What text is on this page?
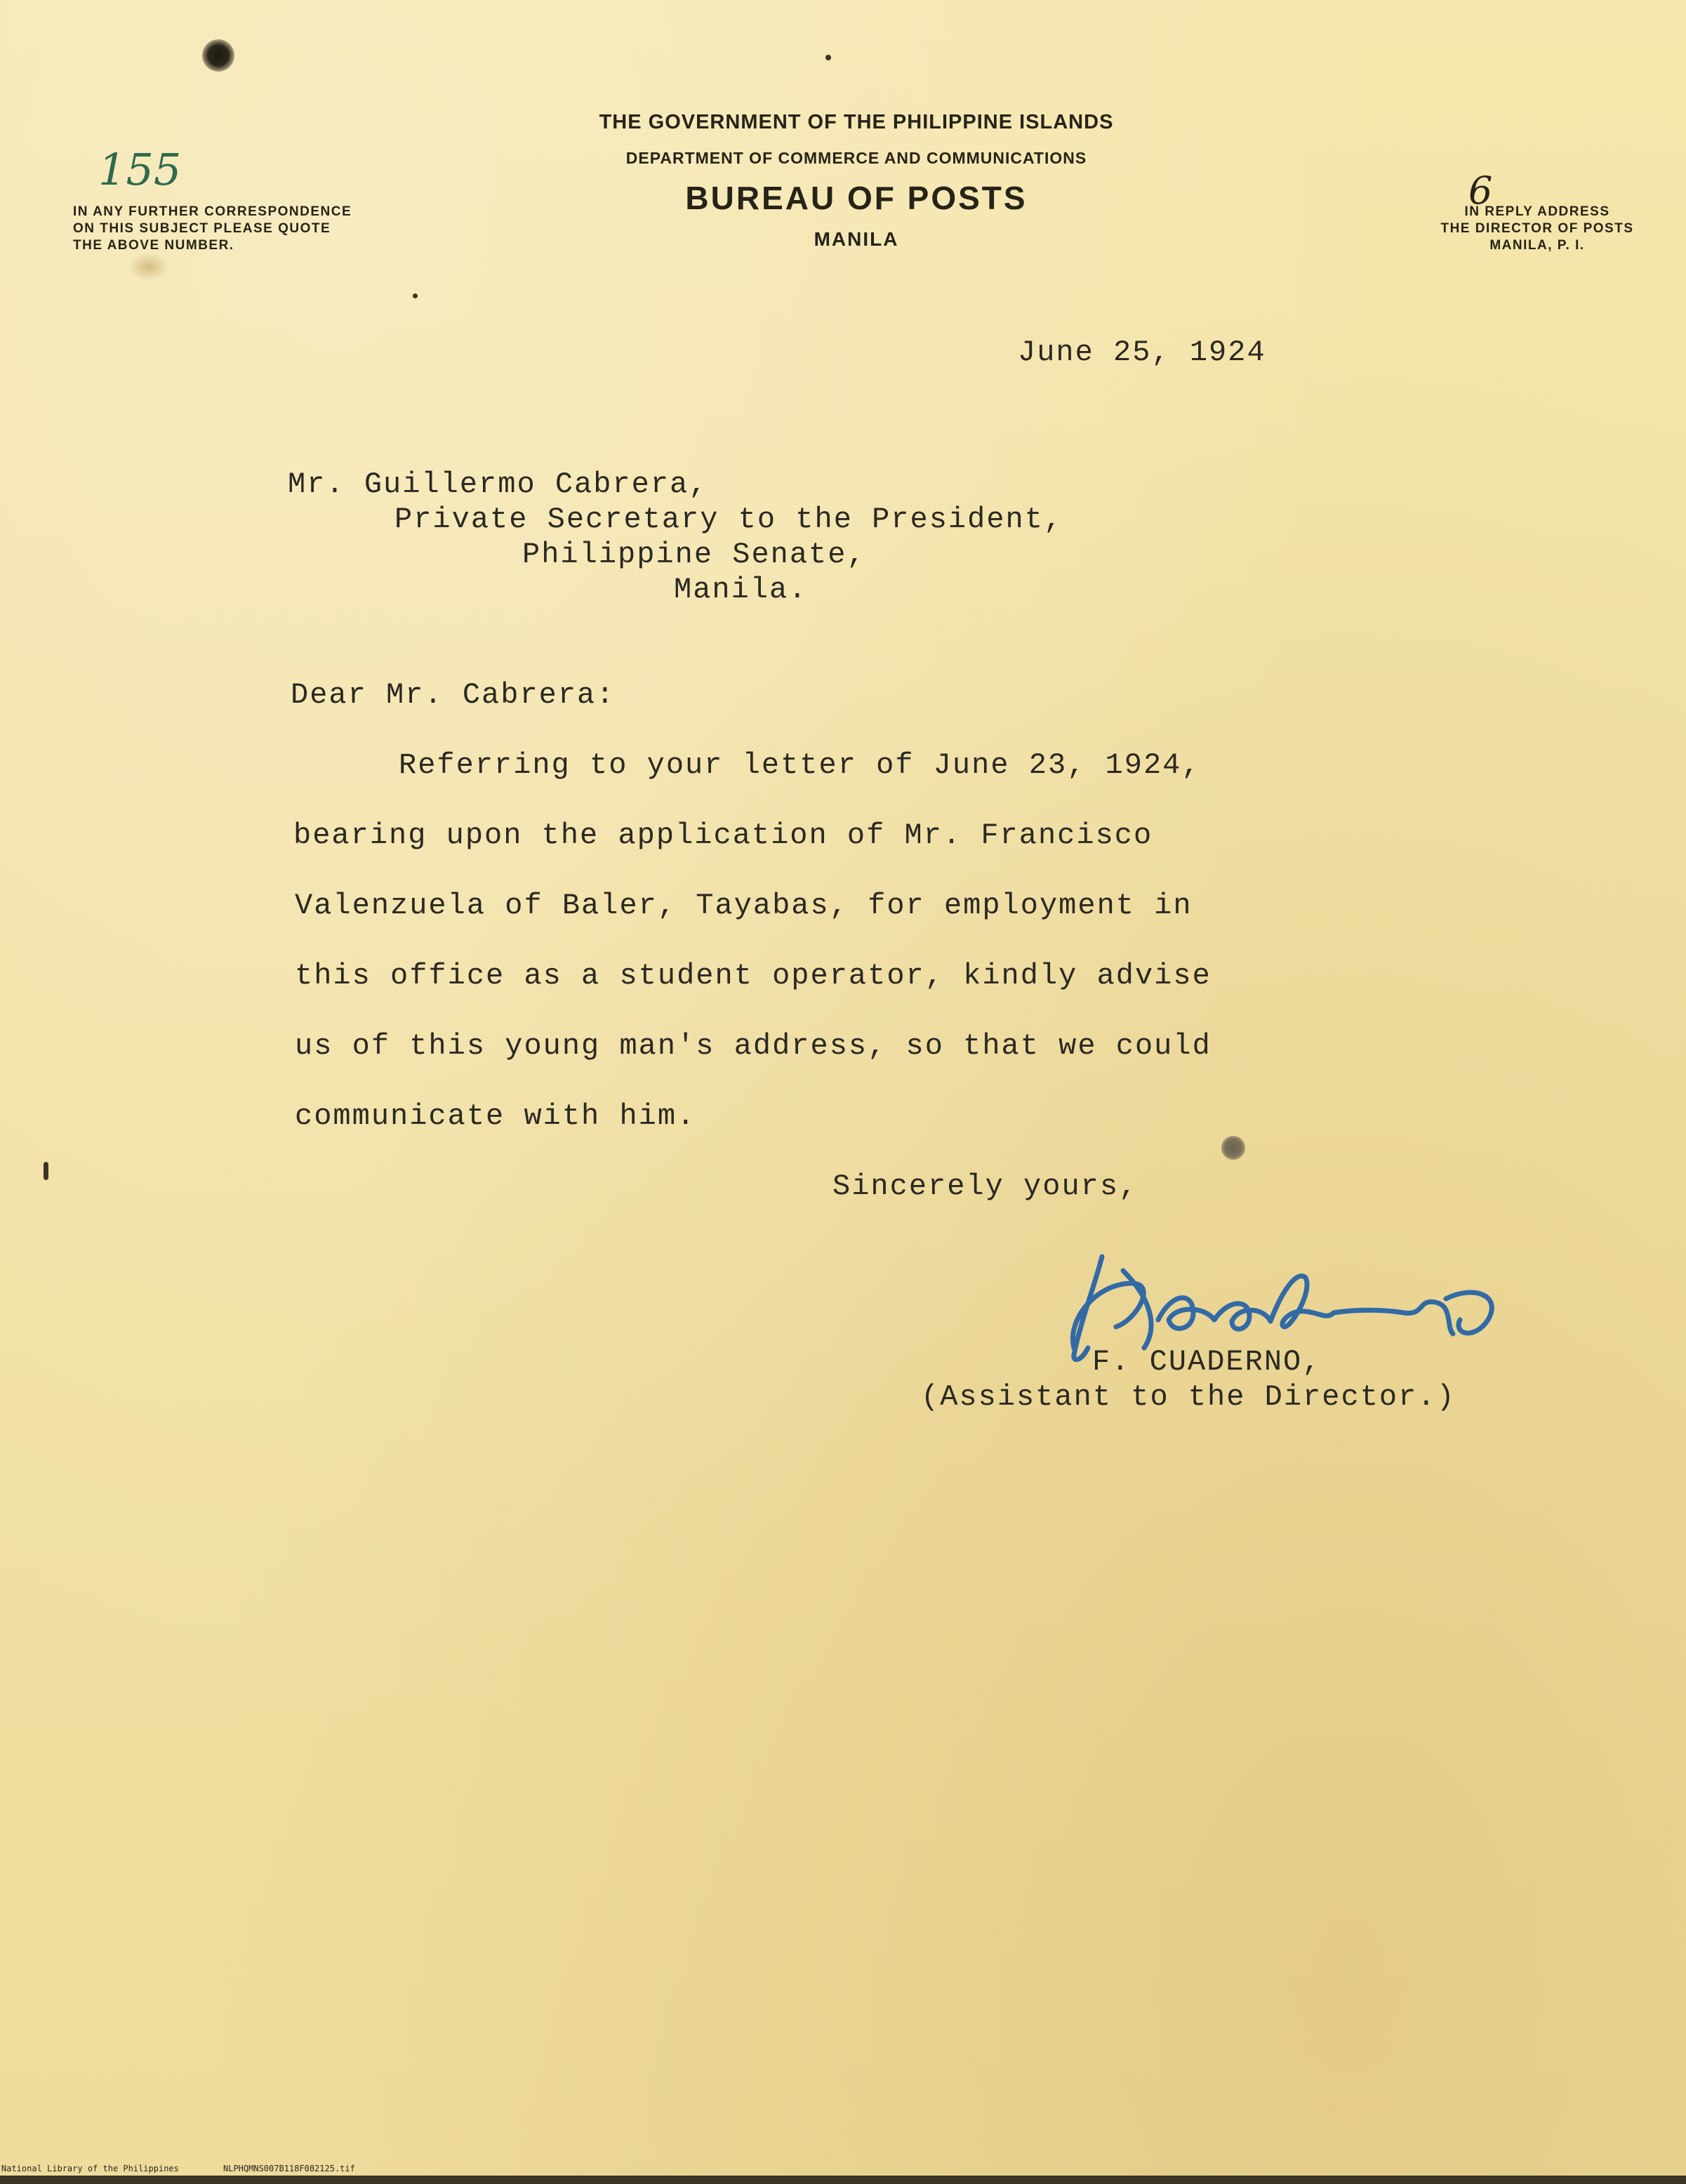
155
IN ANY FURTHER CORRESPONDENCE
ON THIS SUBJECT PLEASE QUOTE
THE ABOVE NUMBER.
THE GOVERNMENT OF THE PHILIPPINE ISLANDS
DEPARTMENT OF COMMERCE AND COMMUNICATIONS
BUREAU OF POSTS
MANILA
6
IN REPLY ADDRESS
THE DIRECTOR OF POSTS
MANILA, P. I.
June 25, 1924
Mr. Guillermo Cabrera,
Private Secretary to the President,
Philippine Senate,
Manila.
Dear Mr. Cabrera:
Referring to your letter of June 23, 1924,
bearing upon the application of Mr. Francisco
Valenzuela of Baler, Tayabas, for employment in
this office as a student operator, kindly advise
us of this young man's address, so that we could
communicate with him.
Sincerely yours,
F. CUADERNO,
(Assistant to the Director.)
National Library of the Philippines	NLPHQMNS007B118F082125.tif
